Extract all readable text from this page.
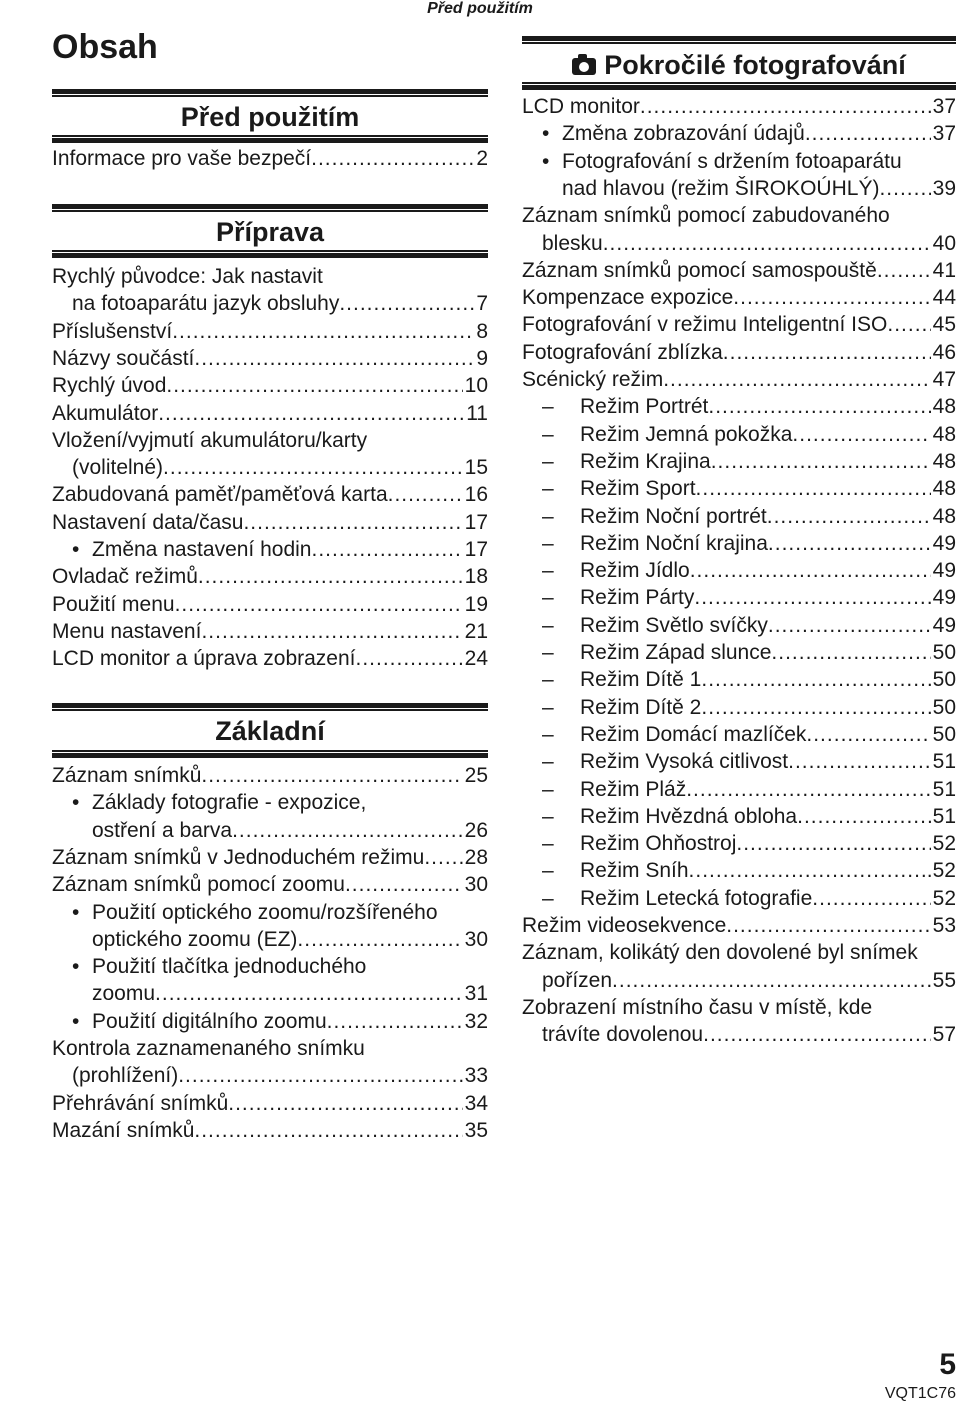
Před použitím
Obsah
Před použitím
Informace pro vaše bezpečí .....	2
Příprava
Rychlý původce: Jak nastavit
na fotoaparátu jazyk obsluhy .....	7
Příslušenství .....	8
Názvy součástí .....	9
Rychlý úvod .....	10
Akumulátor .....	11
Vložení/vyjmutí akumulátoru/karty
(volitelné) .....	15
Zabudovaná paměť/paměťová karta .....	16
Nastavení data/času .....	17
• Změna nastavení hodin .....	17
Ovladač režimů .....	18
Použití menu .....	19
Menu nastavení .....	21
LCD monitor a úprava zobrazení .....	24
Základní
Záznam snímků .....	25
• Základy fotografie - expozice,
ostření a barva .....	26
Záznam snímků v Jednoduchém režimu ..... 28
Záznam snímků pomocí zoomu .....	30
• Použití optického zoomu/rozšířeného
optického zoomu (EZ) .....	30
• Použití tlačítka jednoduchého
zoomu .....	31
• Použití digitálního zoomu .....	32
Kontrola zaznamenaného snímku
(prohlížení) .....	33
Přehrávání snímků .....	34
Mazání snímků .....	35
Pokročilé fotografování
LCD monitor .....	37
• Změna zobrazování údajů .....	37
• Fotografování s držením fotoaparátu
nad hlavou (režim ŠIROKOÚHLÝ) .....	39
Záznam snímků pomocí zabudovaného
blesku .....	40
Záznam snímků pomocí samospouště .....	41
Kompenzace expozice .....	44
Fotografování v režimu Inteligentní ISO ..... 45
Fotografování zblízka .....	46
Scénický režim .....	47
– Režim Portrét .....	48
– Režim Jemná pokožka .....	48
– Režim Krajina .....	48
– Režim Sport .....	48
– Režim Noční portrét .....	48
– Režim Noční krajina .....	49
– Režim Jídlo .....	49
– Režim Párty .....	49
– Režim Světlo svíčky .....	49
– Režim Západ slunce .....	50
– Režim Dítě 1 .....	50
– Režim Dítě 2 .....	50
– Režim Domácí mazlíček .....	50
– Režim Vysoká citlivost .....	51
– Režim Pláž .....	51
– Režim Hvězdná obloha .....	51
– Režim Ohňostroj .....	52
– Režim Sníh .....	.52
– Režim Letecká fotografie .....	52
Režim videosekvence .....	53
Záznam, kolikátý den dovolené byl snímek
pořízen .....	55
Zobrazení místního času v místě, kde
trávíte dovolenou .....	57
5
VQT1C76
